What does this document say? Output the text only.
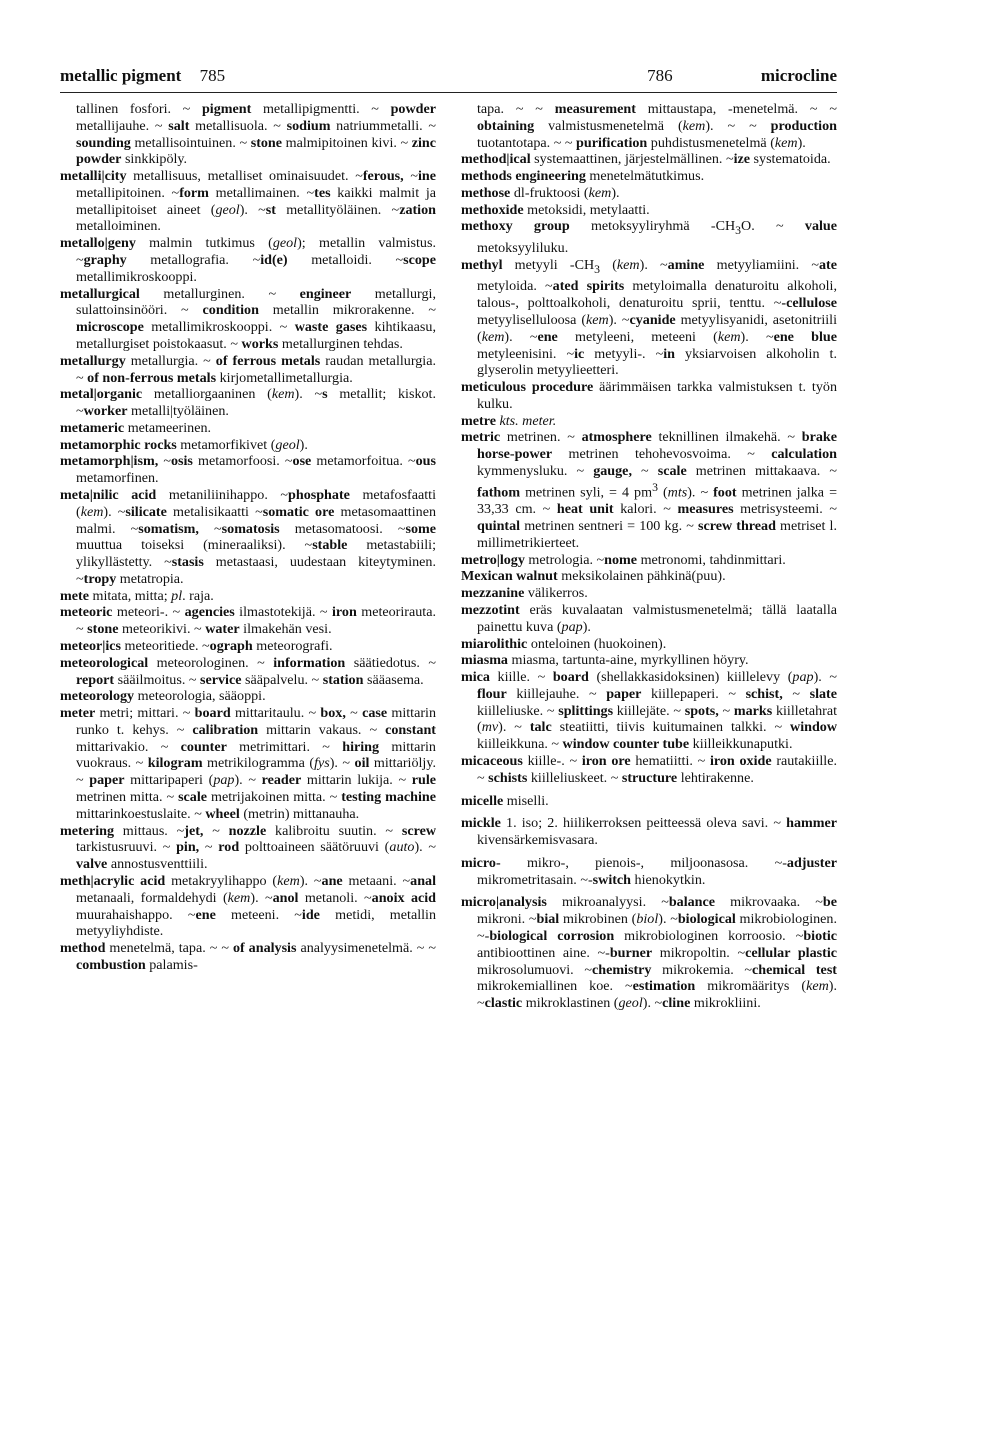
metallic pigment 785	786	microcline

tallinen fosfori. ~ pigment metallipigmentti. ~ powder metallijauhe. ~ salt metallisuola. ~ sodium natriummetalli. ~ sounding metallisointuinen. ~ stone malmipitoinen kivi. ~ zinc powder sinkkipöly.

metalli|city metallisuus, metalliset ominaisuudet. ~ferous, ~ine metallipitoinen. ~form metallimainen. ~tes kaikki malmit ja metallipitoiset aineet (geol). ~st metallityöläinen. ~zation metalloiminen.

metallo|geny malmin tutkimus (geol); metallin valmistus. ~graphy metallografia. ~id(e) metalloidi. ~scope metallimikroskooppi.

metallurgical metallurginen. ~ engineer metallurgi, sulattoinsinööri. ~ condition metallin mikrorakenne. ~ microscope metallimikroskooppi. ~ waste gases kihtikaasu, metallurgiset poistokaasut. ~ works metallurginen tehdas.

metallurgy metallurgia. ~ of ferrous metals raudan metallurgia. ~ of non-ferrous metals kirjometallimetallurgia.

metal|organic metalliorgaaninen (kem). ~s metallit; kiskot. ~worker metalli|työläinen.

metameric metameerinen.

metamorphic rocks metamorfikivet (geol).

metamorph|ism, ~osis metamorfoosi. ~ose metamorfoitua. ~ous metamorfinen.

meta|nilic acid metaniliinihappo. ~phosphate metafosfaatti (kem). ~silicate metalisikaatti ~somatic ore metasomaattinen malmi. ~somatism, ~somatosis metasomatoosi. ~some muuttua toiseksi (mineraaliksi). ~stable metastabiili; ylikyllästetty. ~stasis metastaasi, uudestaan kiteytyminen. ~tropy metatropia.

mete mitata, mitta; pl. raja.

meteoric meteori-. ~ agencies ilmastotekijä. ~ iron meteorirauta. ~ stone meteorikivi. ~ water ilmakehän vesi.

meteor|ics meteoritiede. ~ograph meteorografi.

meteorological meteorologinen. ~ information säätiedotus. ~ report sääilmoitus. ~ service sääpalvelu. ~ station sääasema.

meteorology meteorologia, sääoppi.

meter metri; mittari. ~ board mittaritaulu. ~ box, ~ case mittarin runko t. kehys. ~ calibration mittarin vakaus. ~ constant mittarivakio. ~ counter metrimittari. ~ hiring mittarin vuokraus. ~ kilogram metrikilogramma (fys). ~ oil mittariöljy. ~ paper mittaripaperi (pap). ~ reader mittarin lukija. ~ rule metrinen mitta. ~ scale metrijakoinen mitta. ~ testing machine mittarinkoestuslaite. ~ wheel (metrin) mittanauha.

metering mittaus. ~jet, ~ nozzle kalibroitu suutin. ~ screw tarkistusruuvi. ~ pin, ~ rod polttoaineen säätöruuvi (auto). ~ valve annostusventtiili.

meth|acrylic acid metakryylihappo (kem). ~ane metaani. ~anal metanaali, formaldehydi (kem). ~anol metanoli. ~anoix acid muurahaishappo. ~ene meteeni. ~ide metidi, metallin metyyliyhdiste.

method menetelmä, tapa. ~ ~ of analysis analyysimenetelmä. ~ ~ combustion palamis-

tapa. ~ ~ measurement mittaustapa, -menetelmä. ~ ~ obtaining valmistusmenetelmä (kem). ~ ~ production tuotantotapa. ~ ~ purification puhdistusmenetelmä (kem).

method|ical systemaattinen, järjestelmällinen. ~ize systematoida.

methods engineering menetelmätutkimus.

methose dl-fruktoosi (kem).

methoxide metoksidi, metylaatti.

methoxy group metoksyyliryhmä $-CH_3O$. ~ value metoksyyliluku.

methyl metyyli $-CH_3$ (kem). ~amine metyyliamiini. ~ate metyloida. ~ated spirits metyloimalla denaturoitu alkoholi, talous-, polttoalkoholi, denaturoitu sprii, tenttu. ~-cellulose metyyliselluloosa (kem). ~cyanide metyylisyanidi, asetonitriili (kem). ~ene metyleeni, meteeni (kem). ~ene blue metyleenisini. ~ic metyyli-. ~in yksiarvoisen alkoholin t. glyserolin metyylieetteri.

meticulous procedure äärimmäisen tarkka valmistuksen t. työn kulku.

metre kts. meter.

metric metrinen. ~ atmosphere teknillinen ilmakehä. ~ brake horse-power metrinen tehohevosvoima. ~ calculation kymmenysluku. ~ gauge, ~ scale metrinen mittakaava. ~ fathom metrinen syli, = 4 $pm^3$ (mts). ~ foot metrinen jalka = 33,33 cm. ~ heat unit kalori. ~ measures metrisysteemi. ~ quintal metrinen sentneri = 100 kg. ~ screw thread metriset l. millimetrikierteet.

metro|logy metrologia. ~nome metronomi, tahdinmittari.

Mexican walnut meksikolainen pähkinä(puu).

mezzanine välikerros.

mezzotint eräs kuvalaatan valmistusmenetelmä; tällä laatalla painettu kuva (pap).

miarolithic onteloinen (huokoinen).

miasma miasma, tartunta-aine, myrkyllinen höyry.

mica kiille. ~ board (shellakkasidoksinen) kiillelevy (pap). ~ flour kiillejauhe. ~ paper kiillepaperi. ~ schist, ~ slate kiilleliuske. ~ splittings kiillejäte. ~ spots, ~ marks kiilletahrat (mv). ~ talc steatiitti, tiivis kuitumainen talkki. ~ window kiilleikkuna. ~ window counter tube kiilleikkunaputki.

micaceous kiille-. ~ iron ore hematiitti. ~ iron oxide rautakiille. ~ schists kiilleliuskeet. ~ structure lehtirakenne.

micelle miselli.

mickle 1. iso; 2. hiilikerroksen peitteessä oleva savi. ~ hammer kivensärkemisvasara.

micro- mikro-, pienois-, miljoonasosa. ~-adjuster mikrometritasain. ~-switch hienokytkin.

micro|analysis mikroanalyysi. ~balance mikrovaaka. ~be mikroni. ~bial mikrobinen (biol). ~biological mikrobiologinen. ~-biological corrosion mikrobiologinen korroosio. ~biotic antibioottinen aine. ~-burner mikropoltin. ~cellular plastic mikrosolumuovi. ~chemistry mikrokemia. ~chemical test mikrokemiallinen koe. ~estimation mikromääritys (kem). ~clastic mikroklastinen (geol). ~cline mikrokliini.
